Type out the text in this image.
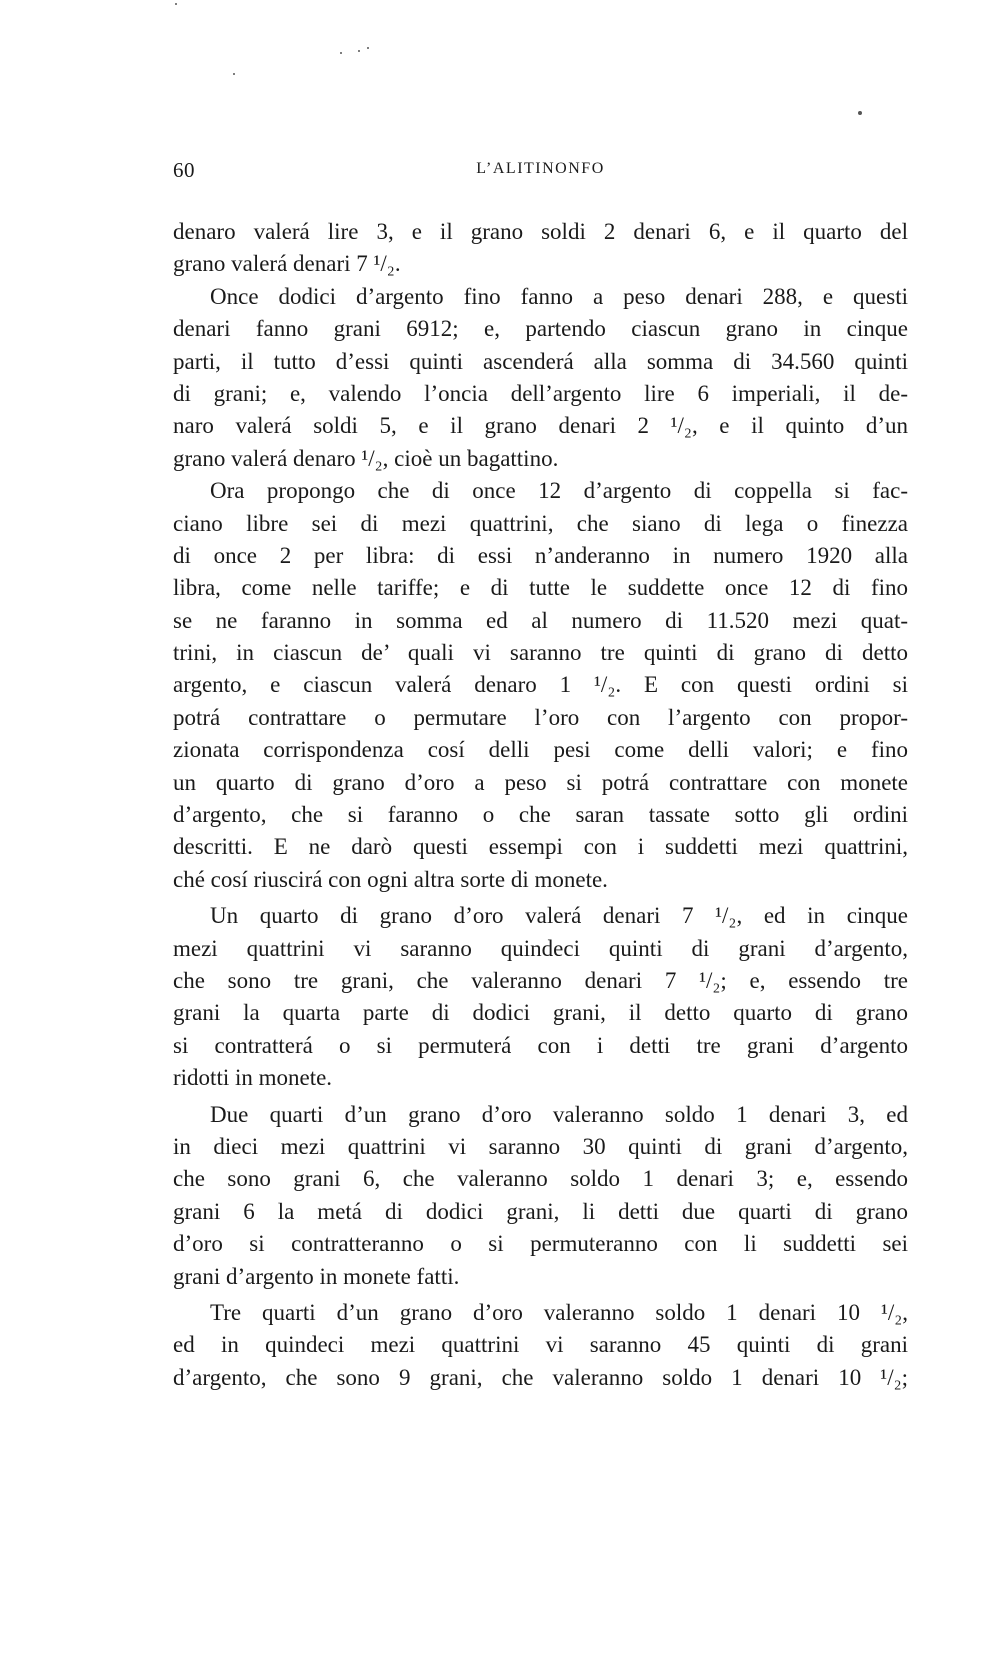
60	L’ALITINONFO
denaro valerá lire 3, e il grano soldi 2 denari 6, e il quarto del
grano valerá denari 7 ¹/₂.
Once dodici d’argento fino fanno a peso denari 288, e questi
denari fanno grani 6912; e, partendo ciascun grano in cinque
parti, il tutto d’essi quinti ascenderá alla somma di 34.560 quinti
di grani; e, valendo l’oncia dell’argento lire 6 imperiali, il de-
naro valerá soldi 5, e il grano denari 2 ¹/₂, e il quinto d’un
grano valerá denaro ¹/₂, cioè un bagattino.
Ora propongo che di once 12 d’argento di coppella si fac-
ciano libre sei di mezi quattrini, che siano di lega o finezza
di once 2 per libra: di essi n’anderanno in numero 1920 alla
libra, come nelle tariffe; e di tutte le suddette once 12 di fino
se ne faranno in somma ed al numero di 11.520 mezi quat-
trini, in ciascun de’ quali vi saranno tre quinti di grano di detto
argento, e ciascun valerá denaro 1 ¹/₂. E con questi ordini si
potrá contrattare o permutare l’oro con l’argento con propor-
zionata corrispondenza cosí delli pesi come delli valori; e fino
un quarto di grano d’oro a peso si potrá contrattare con monete
d’argento, che si faranno o che saran tassate sotto gli ordini
descritti. E ne darò questi essempi con i suddetti mezi quattrini,
ché cosí riuscirá con ogni altra sorte di monete.
Un quarto di grano d’oro valerá denari 7 ¹/₂, ed in cinque
mezi quattrini vi saranno quindeci quinti di grani d’argento,
che sono tre grani, che valeranno denari 7 ¹/₂; e, essendo tre
grani la quarta parte di dodici grani, il detto quarto di grano
si contratterá o si permuterá con i detti tre grani d’argento
ridotti in monete.
Due quarti d’un grano d’oro valeranno soldo 1 denari 3, ed
in dieci mezi quattrini vi saranno 30 quinti di grani d’argento,
che sono grani 6, che valeranno soldo 1 denari 3; e, essendo
grani 6 la metá di dodici grani, li detti due quarti di grano
d’oro si contratteranno o si permuteranno con li suddetti sei
grani d’argento in monete fatti.
Tre quarti d’un grano d’oro valeranno soldo 1 denari 10 ¹/₂,
ed in quindeci mezi quattrini vi saranno 45 quinti di grani
d’argento, che sono 9 grani, che valeranno soldo 1 denari 10 ¹/₂;
